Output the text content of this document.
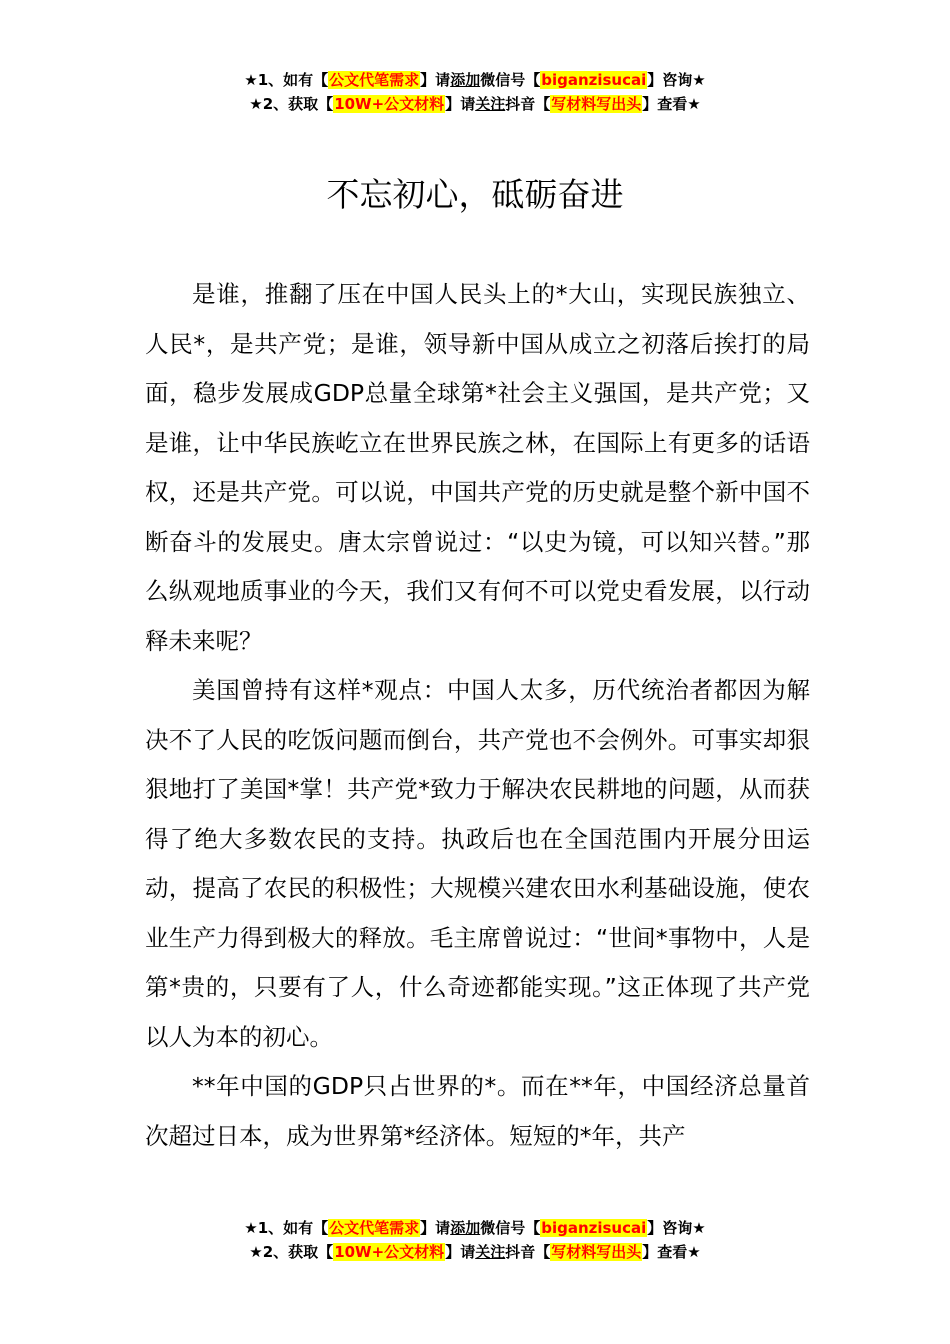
★1、如有【公文代笔需求】请添加微信号【biganzisucai】咨询★
★2、获取【10W+公文材料】请关注抖音【写材料写出头】查看★
不忘初心，砥砺奋进

是谁，推翻了压在中国人民头上的*大山，实现民族独立、人民*，是共产党；是谁，领导新中国从成立之初落后挨打的局面，稳步发展成GDP总量全球第*社会主义强国，是共产党；又是谁，让中华民族屹立在世界民族之林，在国际上有更多的话语权，还是共产党。可以说，中国共产党的历史就是整个新中国不断奋斗的发展史。唐太宗曾说过：“以史为镜，可以知兴替。”那么纵观地质事业的今天，我们又有何不可以党史看发展，以行动释未来呢？

美国曾持有这样*观点：中国人太多，历代统治者都因为解决不了人民的吃饭问题而倒台，共产党也不会例外。可事实却狠狠地打了美国*掌！共产党*致力于解决农民耕地的问题，从而获得了绝大多数农民的支持。执政后也在全国范围内开展分田运动，提高了农民的积极性；大规模兴建农田水利基础设施，使农业生产力得到极大的释放。毛主席曾说过：“世间*事物中，人是第*贵的，只要有了人，什么奇迹都能实现。”这正体现了共产党以人为本的初心。

**年中国的GDP只占世界的*。而在**年，中国经济总量首次超过日本，成为世界第*经济体。短短的*年，共产

★1、如有【公文代笔需求】请添加微信号【biganzisucai】咨询★
★2、获取【10W+公文材料】请关注抖音【写材料写出头】查看★
